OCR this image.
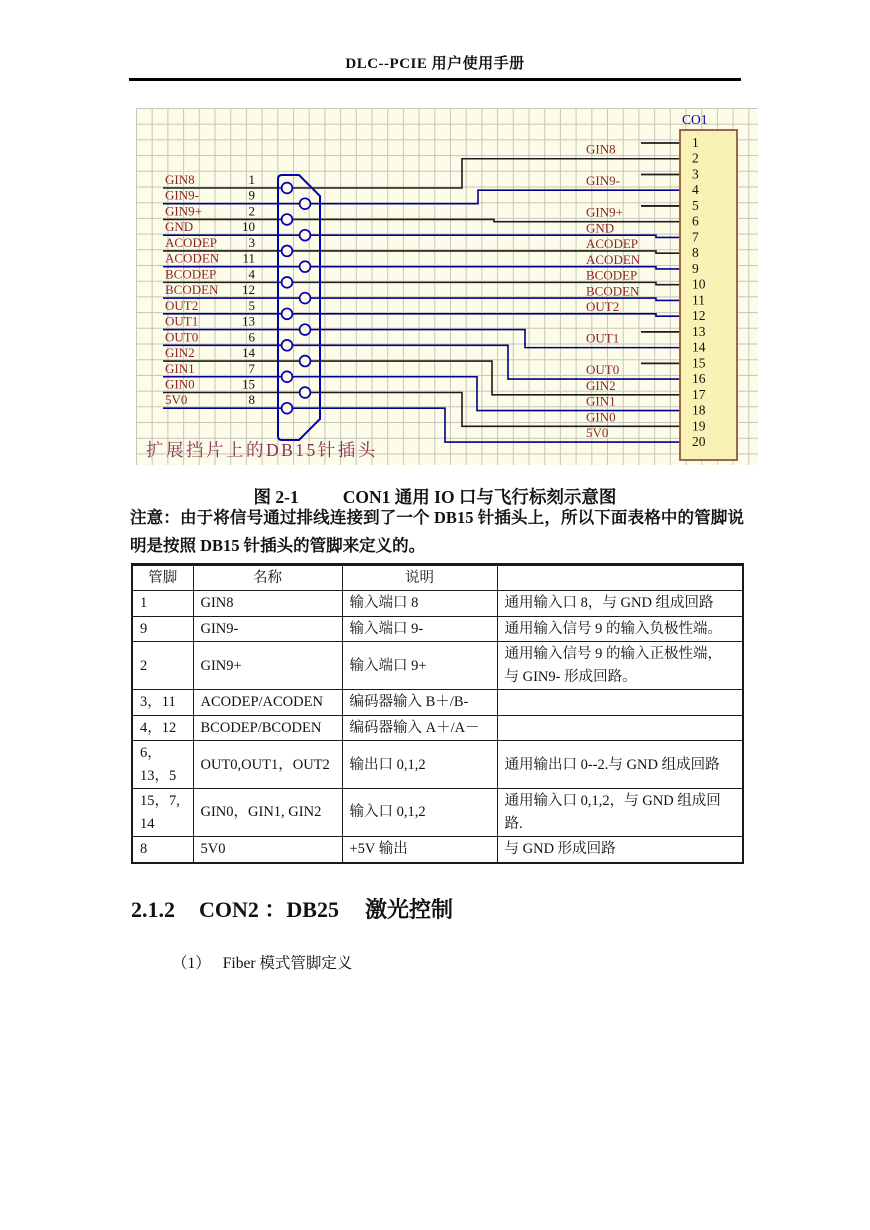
DLC--PCIE 用户使用手册
GIN8	1
GIN8
GIN9-	9
GIN9-
GIN9+	2	GIN9+
GND	10	GND
ACODEP 3	ACODEP
ACODEN 11	ACODEN
BCODEP 4	BCODEP
BCODEN 12	BCODEN
OUT2	5	OUT2
OUT1	13
OUT1
OUT0	6
OUT0
GIN2	14
GIN2
GIN1	7
GIN1
GIN0	15
GIN0
5V0	8
5V0
1
2
3
4
5
6
7
8
9
10
11
12
13
14
15
16
17
18
19
20
CO1
扩展挡片上的DB15针插头
图 2-1	CON1 通用 IO 口与飞行标刻示意图

注意：由于将信号通过排线连接到了一个 DB15 针插头上，所以下面表格中的管脚说明是按照 DB15 针插头的管脚来定义的。

管脚	名称	说明	
1	GIN8	输入端口 8	通用输入口 8，与 GND 组成回路
9	GIN9-	输入端口 9-	通用输入信号 9 的输入负极性端。
2	GIN9+	输入端口 9+	通用输入信号 9 的输入正极性端，与 GIN9- 形成回路。
3，11	ACODEP/ACODEN	编码器输入 B＋/B-	
4，12	BCODEP/BCODEN	编码器输入 A＋/A－	
6，13，5	OUT0,OUT1，OUT2	输出口 0,1,2	通用输出口 0--2.与 GND 组成回路
15，7, 14	GIN0，GIN1, GIN2	输入口 0,1,2	通用输入口 0,1,2，与 GND 组成回路.
8	5V0	+5V 输出	与 GND 形成回路
2.1.2 CON2 ：DB25 激光控制
（1） Fiber 模式管脚定义
